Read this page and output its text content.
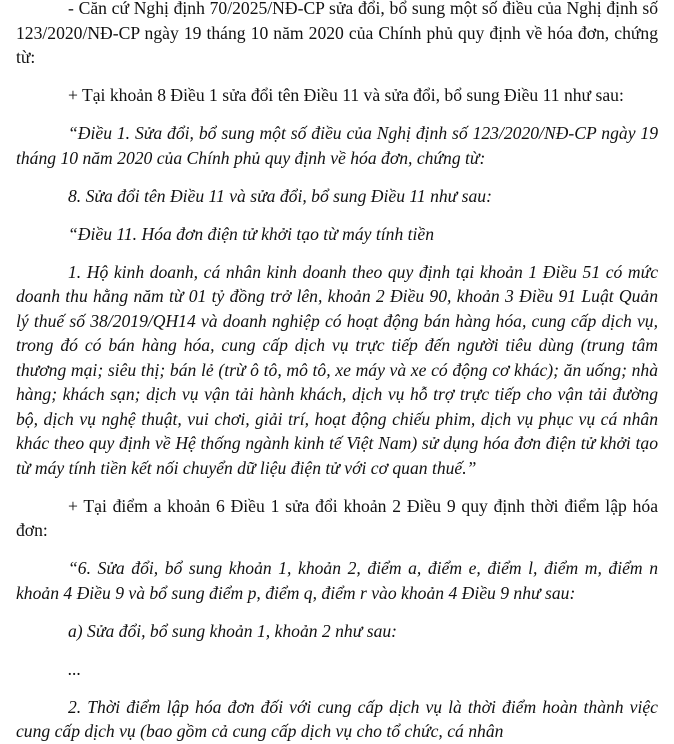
- Căn cứ Nghị định 70/2025/NĐ-CP sửa đổi, bổ sung một số điều của Nghị định số 123/2020/NĐ-CP ngày 19 tháng 10 năm 2020 của Chính phủ quy định về hóa đơn, chứng từ:

+ Tại khoản 8 Điều 1 sửa đổi tên Điều 11 và sửa đổi, bổ sung Điều 11 như sau:

“Điều 1. Sửa đổi, bổ sung một số điều của Nghị định số 123/2020/NĐ-CP ngày 19 tháng 10 năm 2020 của Chính phủ quy định về hóa đơn, chứng từ:

8. Sửa đổi tên Điều 11 và sửa đổi, bổ sung Điều 11 như sau:

“Điều 11. Hóa đơn điện tử khởi tạo từ máy tính tiền

1. Hộ kinh doanh, cá nhân kinh doanh theo quy định tại khoản 1 Điều 51 có mức doanh thu hằng năm từ 01 tỷ đồng trở lên, khoản 2 Điều 90, khoản 3 Điều 91 Luật Quản lý thuế số 38/2019/QH14 và doanh nghiệp có hoạt động bán hàng hóa, cung cấp dịch vụ, trong đó có bán hàng hóa, cung cấp dịch vụ trực tiếp đến người tiêu dùng (trung tâm thương mại; siêu thị; bán lẻ (trừ ô tô, mô tô, xe máy và xe có động cơ khác); ăn uống; nhà hàng; khách sạn; dịch vụ vận tải hành khách, dịch vụ hỗ trợ trực tiếp cho vận tải đường bộ, dịch vụ nghệ thuật, vui chơi, giải trí, hoạt động chiếu phim, dịch vụ phục vụ cá nhân khác theo quy định về Hệ thống ngành kinh tế Việt Nam) sử dụng hóa đơn điện tử khởi tạo từ máy tính tiền kết nối chuyển dữ liệu điện tử với cơ quan thuế.”

+ Tại điểm a khoản 6 Điều 1 sửa đổi khoản 2 Điều 9 quy định thời điểm lập hóa đơn:

“6. Sửa đổi, bổ sung khoản 1, khoản 2, điểm a, điểm e, điểm l, điểm m, điểm n khoản 4 Điều 9 và bổ sung điểm p, điểm q, điểm r vào khoản 4 Điều 9 như sau:

a) Sửa đổi, bổ sung khoản 1, khoản 2 như sau:

...

2. Thời điểm lập hóa đơn đối với cung cấp dịch vụ là thời điểm hoàn thành việc cung cấp dịch vụ (bao gồm cả cung cấp dịch vụ cho tổ chức, cá nhân
